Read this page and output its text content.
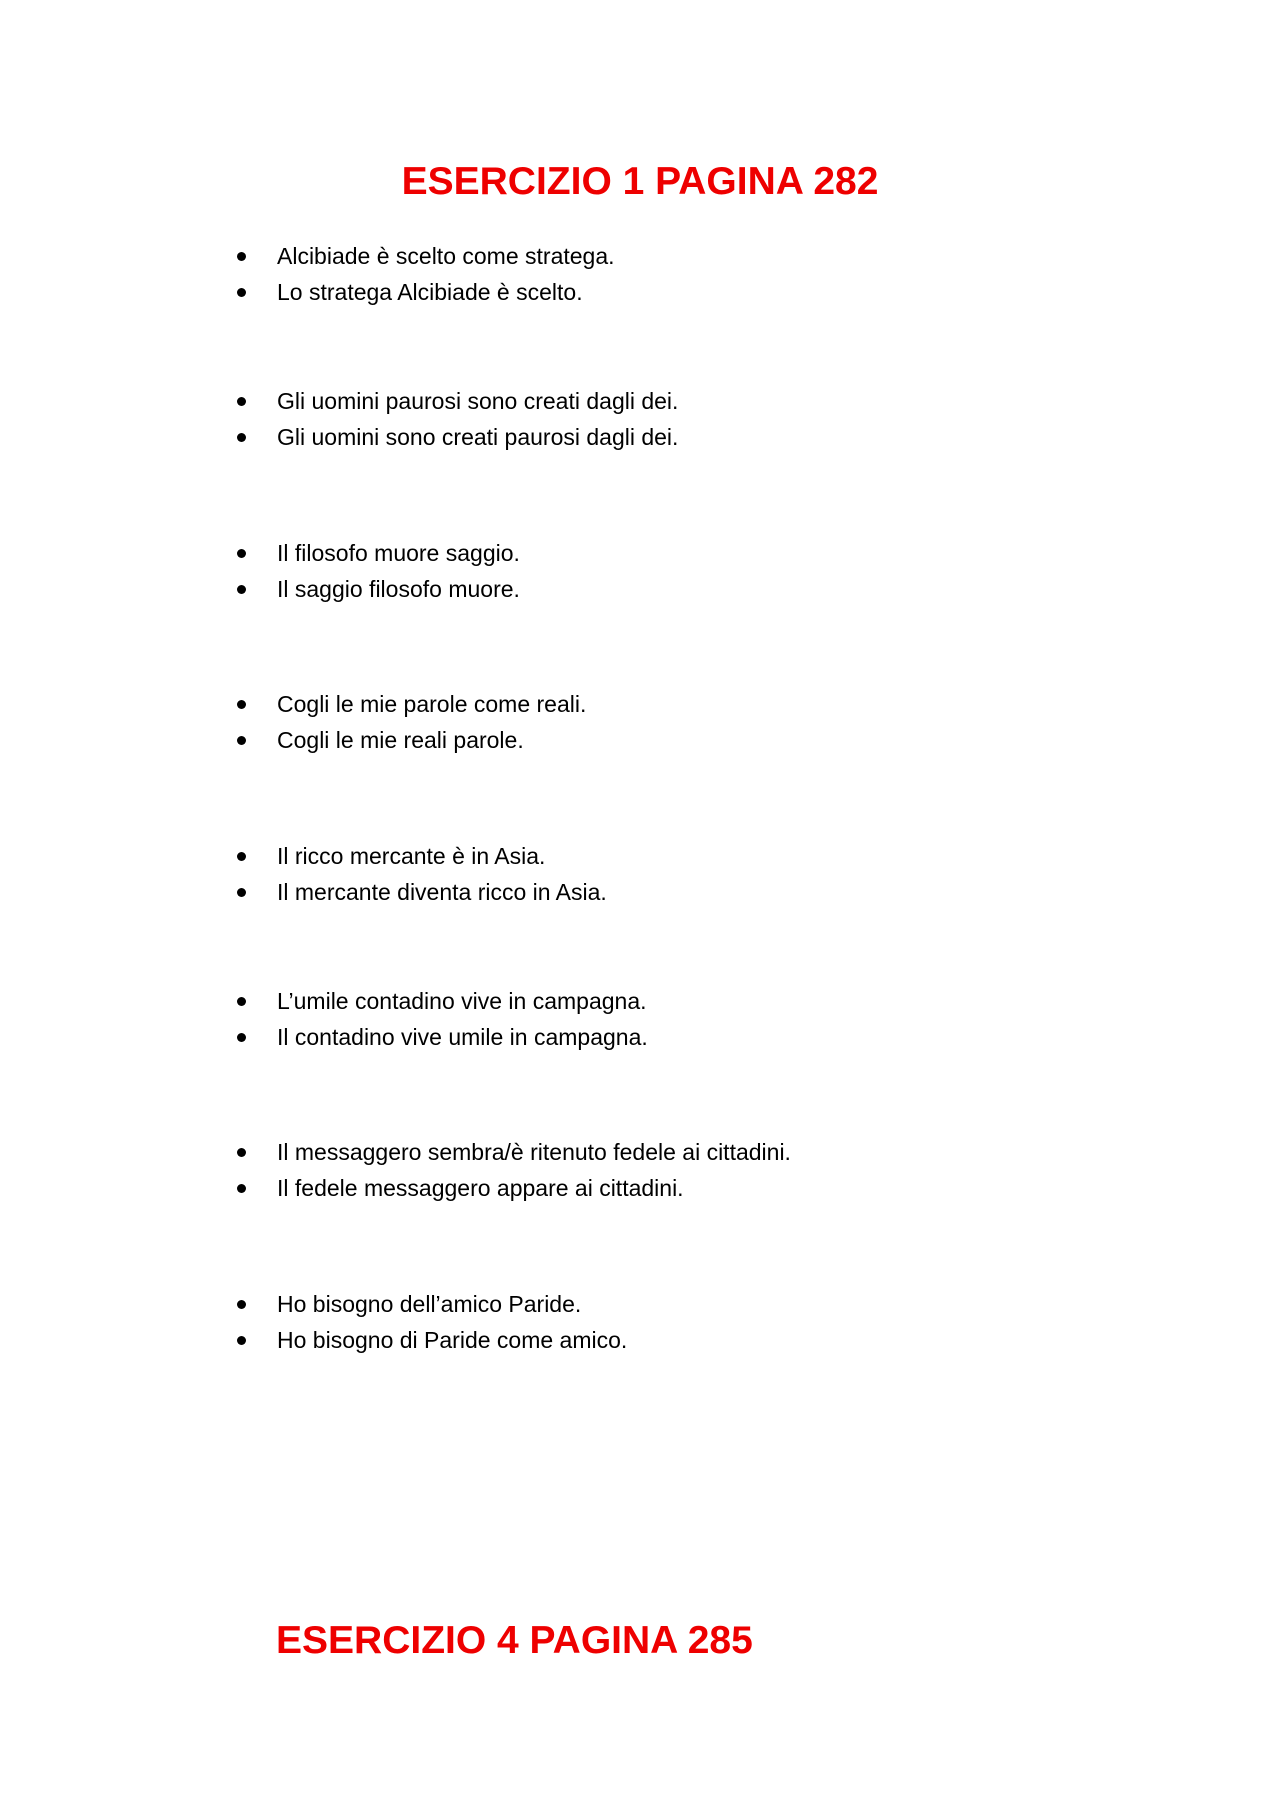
ESERCIZIO 1 PAGINA 282
Alcibiade è scelto come stratega.
Lo stratega Alcibiade è scelto.
Gli uomini paurosi sono creati dagli dei.
Gli uomini sono creati paurosi dagli dei.
Il filosofo muore saggio.
Il saggio filosofo muore.
Cogli le mie parole come reali.
Cogli le mie reali parole.
Il ricco mercante è in Asia.
Il mercante diventa ricco in Asia.
L’umile contadino vive in campagna.
Il contadino vive umile in campagna.
Il messaggero sembra/è ritenuto fedele ai cittadini.
Il fedele messaggero appare ai cittadini.
Ho bisogno dell’amico Paride.
Ho bisogno di Paride come amico.
ESERCIZIO 4 PAGINA 285
